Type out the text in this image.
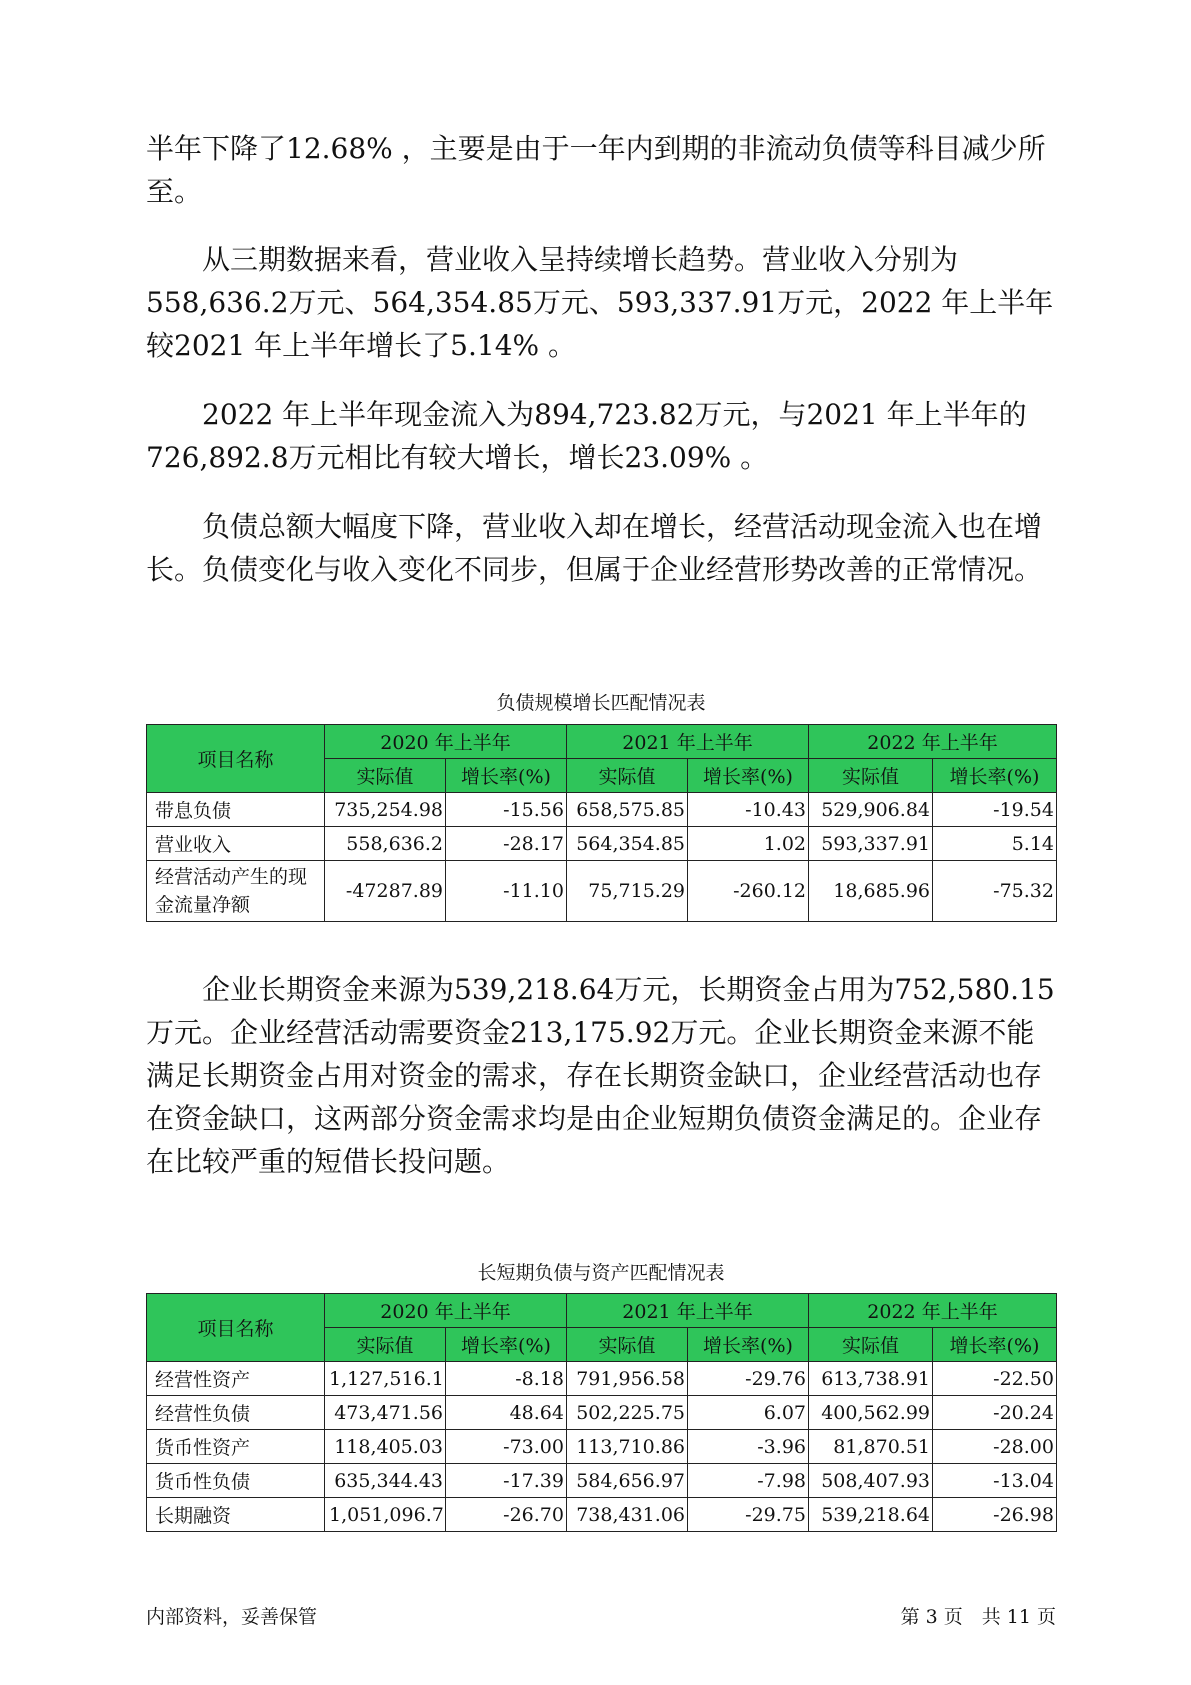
半年下降了12.68% ，主要是由于一年内到期的非流动负债等科目减少所至。

从三期数据来看，营业收入呈持续增长趋势。营业收入分别为558,636.2万元、564,354.85万元、593,337.91万元，2022 年上半年较2021 年上半年增长了5.14% 。

2022 年上半年现金流入为894,723.82万元，与2021 年上半年的726,892.8万元相比有较大增长，增长23.09% 。

负债总额大幅度下降，营业收入却在增长，经营活动现金流入也在增长。负债变化与收入变化不同步，但属于企业经营形势改善的正常情况。

负债规模增长匹配情况表
项目名称	2020 年上半年		2021 年上半年		2022 年上半年	
	实际值	增长率(%)	实际值	增长率(%)	实际值	增长率(%)
带息负债	735,254.98	-15.56	658,575.85	-10.43	529,906.84	-19.54
营业收入	558,636.2	-28.17	564,354.85	1.02	593,337.91	5.14
经营活动产生的现金流量净额	-47287.89	-11.10	75,715.29	-260.12	18,685.96	-75.32

企业长期资金来源为539,218.64万元，长期资金占用为752,580.15万元。企业经营活动需要资金213,175.92万元。企业长期资金来源不能满足长期资金占用对资金的需求，存在长期资金缺口，企业经营活动也存在资金缺口，这两部分资金需求均是由企业短期负债资金满足的。企业存在比较严重的短借长投问题。

长短期负债与资产匹配情况表
项目名称	2020 年上半年		2021 年上半年		2022 年上半年	
	实际值	增长率(%)	实际值	增长率(%)	实际值	增长率(%)
经营性资产	1,127,516.1	-8.18	791,956.58	-29.76	613,738.91	-22.50
经营性负债	473,471.56	48.64	502,225.75	6.07	400,562.99	-20.24
货币性资产	118,405.03	-73.00	113,710.86	-3.96	81,870.51	-28.00
货币性负债	635,344.43	-17.39	584,656.97	-7.98	508,407.93	-13.04
长期融资	1,051,096.7	-26.70	738,431.06	-29.75	539,218.64	-26.98
内部资料，妥善保管	第 3 页　共 11 页
